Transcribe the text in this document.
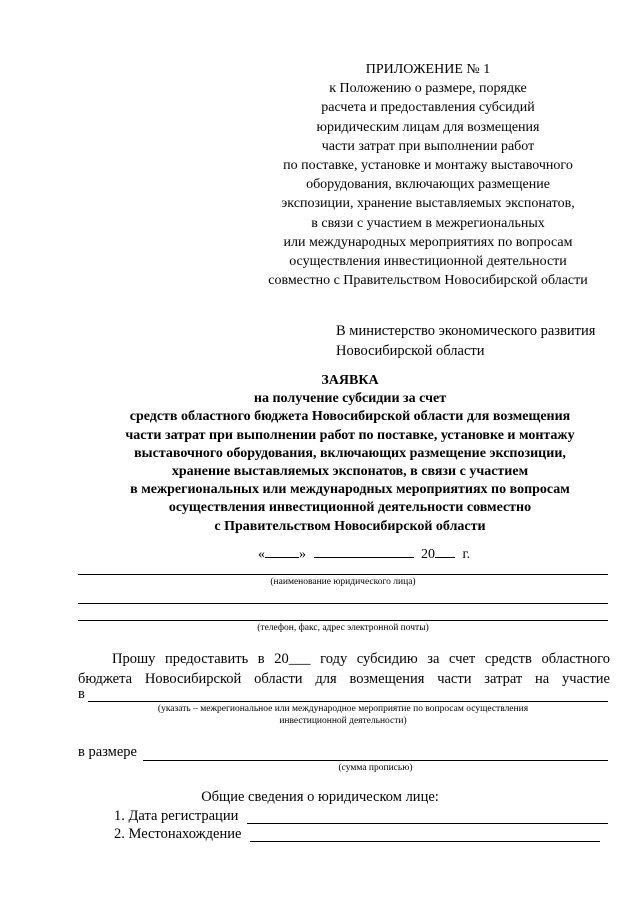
ПРИЛОЖЕНИЕ № 1
к Положению о размере, порядке
расчета и предоставления субсидий
юридическим лицам для возмещения
части затрат при выполнении работ
по поставке, установке и монтажу выставочного
оборудования, включающих размещение
экспозиции, хранение выставляемых экспонатов,
в связи с участием в межрегиональных
или международных мероприятиях по вопросам
осуществления инвестиционной деятельности
совместно с Правительством Новосибирской области
В министерство экономического развития
Новосибирской области
ЗАЯВКА
на получение субсидии за счет
средств областного бюджета Новосибирской области для возмещения
части затрат при выполнении работ по поставке, установке и монтажу
выставочного оборудования, включающих размещение экспозиции,
хранение выставляемых экспонатов, в связи с участием
в межрегиональных или международных мероприятиях по вопросам
осуществления инвестиционной деятельности совместно
с Правительством Новосибирской области
« »	20 г.
(наименование юридического лица)
(телефон, факс, адрес электронной почты)
Прошу предоставить в 20___ году субсидию за счет средств областного
бюджета Новосибирской области для возмещения части затрат на участие
в
(указать – межрегиональное или международное мероприятие по вопросам осуществления
инвестиционной деятельности)
в размере
(сумма прописью)
Общие сведения о юридическом лице:
1. Дата регистрации
2. Местонахождение
